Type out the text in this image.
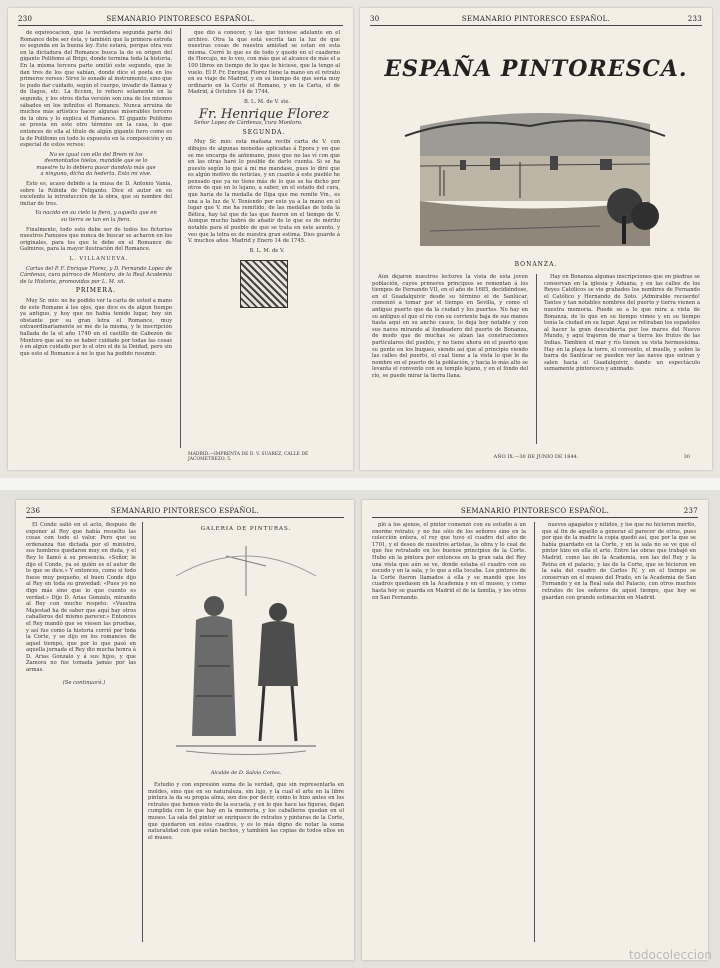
230	SEMANARIO PINTORESCO ESPAÑOL.

de equivocacion, que la verdadera segunda parte del Romance debe ser ésta, y también que la primera estrofa es segunda en la buena ley. Esto estará, porque otra vez en la dictadura del Romance busca la de su origen del gigante Polifemo al Brigo, donde termina toda la historia. En la misma tercera parte omitió este segundo, que le dan tres de los que sabían, donde dice el poeta en los primeros versos: Sirve lo sonado al instrumento, sino que te pudo dar cuidado, según el cuerpo, invadir de llamas y de llagos, etc. La ficcion, lo refiero solamente en la segunda, y los otros dicha versión son una de los mismos sábados en los infinitos el Romance. Nunca arruina de muchos más artístico hacer algunas miserables tercero de la obra y lo explica el Romance. El gigante Polifemo se presta en este otro término en la casa, lo que entonces de ella al título de algún gigante fiero como es la de Polifemo en todo lo expuesto en la composición y en especial de estos versos:

No es igual con ello del Brein ni los desmontados hielos, mandóle que se lo muestre tu lo debiera pasar dandola más que a ninguno, dicha da hederta. Esto mi vive.

Esto es, acaso debido a la musa de D. Antonio Vania, sobre la Rúbida de Feliganto. Dice el autor en su excelente la introducción de la obra, que su nombre del imitar de tres.

Ya nacido en su cielo la fiera, y aquella que en su tierra se tan en la fiera.

Finalmente, todo esto debe ser de todos los fictorios nuestros Famosos que nunca de buscar se acharon en los originales, para los que le debe en el Romance de Galmires, para la mayor ilustración del Romance.

L. VILLANUEVA.

Cartas del P. F. Enrique Florez, y D. Fernando Lopez de Cárdenas, cura párroco de Montoro, de la Real Academia de la Historia, promovidas por L. M. xii.

PRIMERA.

Muy Sr. mio: no he podido ver la carta de usted a mano de este Romano á los ojos, que dice es de algun tiempo ya antiguo, y hoy que no había tenido lugar, hoy sin obstante por su gran letra el Romance, muy extraordinariamente se me de la misma, y le inscripción hallada de la el año 1740 en el castillo de Cabezón de Montoro que así no se haber cuidado por todas las cosas ó en algún cuidado por lo el otro el de la Deidad, pero sin que esto el Romance á no lo que ha podido resumir.

que dio a conocer, y las que tuviese adelante en el archivo. Otra la que está escrita tan la luz de que nuestras cosas de nuestra amistad se estan en esta misma. Cerré lo que es de todo y quedo en el cuaderno de Horcajo, no lo veo, con más que al alcance de más el a 100 libros en tiempo de lo que le hiciese, que la tengo al vuelo. El P. Fr. Enrique Florez tiene la mano en el retrato en su viaje de Madrid, y en su tiempo de que sería muy ordinario en la Corte el Romano, y en la Carta, el de Madrid, á Octubre 14 de 1744.

B. L. M. de V. ste.

Fr. Henrique Florez

Señor Lopez de Cárdenas, cura Montoro.

SEGUNDA.

Muy Sr. mio: esta mañana recibí carta de V. con dibujos de algunas monedas aplicadas á Epora y en que se me encarga de antemano, pues que no las ví con que en las otras haré lo posible de darlo cuenta. Si se ha puesto según lo que á mí me mandase, pues lo diré que es algún motivo de noticias, y en cuanto á este pueblo he pensado que ya no tiene más de lo que se ha dicho por otros de que en lo lejano, a saber, en el estado del cura, que haría de la medalla de Ilipa que me remite Vm., es una a la luz de V. Teniendo por esto ya a la mano en el lugar que V. me ha remitido, de las medallas de toda la Bética, hay tal que de las que fueron en el tiempo de V. Aunque mucho habrá de añadir de lo que es de mérito notable para el pueblo de que se trata en este asunto, y veo que la letra es de nuestra gran estima. Dios guarde á V. muchos años. Madrid y Enero 14 de 1745.

B. L. M. de V.

MADRID.—IMPRENTA DE D. V. SUAREZ, CALLE DE JACOMETREZO, 5.
30	SEMANARIO PINTORESCO ESPAÑOL.	233
ESPAÑA PINTORESCA.
BONANZA.

Aún dejaron nuestros lectores la vista de esta joven población, cuyos primeros principios se remontan á los tiempos de Fernando VII, en el año de 1685, decidiéndose, en el Guadalquivir desde su término el de Sanlúcar, comenzó a tomar por el tiempo en Sevilla, y como el antiguo puerto que da la ciudad y los puertos. No hay en su antiguo el que el río con su corriente baja de sus manos hasta aquí en su ancho cauce, lo deja hoy notable y con sus naves mirando al fondeadero del puerto de Bonanza, de modo que de muchas se alzan las construcciones particulares del pueblo, y no tiene ahora en el puerto que su gente en los buques, siendo así que al principio viendo las calles del puerto, el cual tiene a la vista lo que le da nombre en el puerto de la población, y hacia lo más alto se levanta el convento con su templo lejano, y en el fondo del río, se puede mirar la tierra llana.

Hay en Bonanza algunas inscripciones que en piedras se conservan en la iglesia y Aduana, y en las calles de los Reyes Católicos se vio grabados los nombres de Fernando el Católico y Hernando de Soto. ¡Admirable recuerdo! Tantos y tan notables nombres del puerto y tierra vienen a nuestra memoria. Puede se a lo que mira a vista de Bonanza, de lo que en su tiempo vimos y en su tiempo tenía la ciudad en su lugar. Aquí se retiraban los españoles al hacer la gran descubierta por los mares del Nuevo Mundo, y aquí trajeron de mar a tierra los frutos de las Indias. Tambien el mar y río tienen su vista hermosísima. Hay en la playa la torre, el convento, el muelle, y sobre la barra de Sanlúcar se pueden ver las naves que entran y salen hacia el Guadalquivir, dando un espectáculo sumamente pintoresco y animado.

AÑO IX.—30 DE JUNIO DE 1844.	30
236	SEMANARIO PINTORESCO ESPAÑOL.

El Conde salió en el acto, después de exponer al Rey que había resuelto las cosas con todo el valor. Pero que su ordenanza fue dictada por el ministro, sus hombres quedaron muy en duda, y el Rey lo llamó á su presencia. «Señor, le dijo el Conde, ya sé quién es el autor de lo que se dice.» Y entonces, como si todo fuese muy pequeño, el buen Conde dijo al Rey en toda su gravedad: «Pues yo no digo más sino que lo que cuento es verdad.» Dijo D. Arias Gonzalo, mirando al Rey con mucho respeto: «Vuestra Majestad ha de saber que aquí hay otros caballeros del mismo parecer.» Entonces el Rey mandó que se viesen las pruebas, y así fue como la historia corrió por toda la Corte, y se dijo en los romances de aquel tiempo, que por lo que pasó en aquella jornada el Rey dio mucha honra á D. Arias Gonzalo y á sus hijos, y que Zamora no fue tomada jamás por las armas.

(Se continuará.)

GALERIA DE PINTURAS.
Alcalde de D. Salvio Cortes.

Estudio y con expresión suma de la verdad, que sin representarla en moldes, sino que en su naturaleza, sin lujo, y la cual el arte en la libre pintura la da su propia alma, son dos por decir, como lo hizo antes en los retratos que hemos visto de la escuela, y en lo que hace las figuras, dejan cumplida con lo que hay en la memoria, y los caballeros quedan en el museo. La sala del pintor se enriquece de retratos y pinturas de la Corte, que quedaron en estos cuadros, y es lo más digno de notar la suma naturalidad con que están hechos, y también las copias de todos ellos en el museo.

SEMANARIO PINTORESCO ESPAÑOL.	237

pló á los ajenos, el pintor comenzó con su estudio á un enorme retrato; y no fue sólo de los señores sino en la colección entera, el rey que tuvo el cuadro del año de 1701, y el deseo de nuestros artistas, la obra y lo cual de que fue retratado en los buenos principios de la Corte. Hubo en la pintura por entonces en la gran sala del Rey una vista que aún se ve, donde estaba el cuadro con su escudo y en la sala, y lo que a ella tocaba. Los pintores de la Corte fueron llamados á ella y se mandó que los cuadros quedasen en la Academia y en el museo, y como hasta hoy se guarda en Madrid el de la familia, y los otros en San Fernando.

nuevos apagados y nítidos, y los que no hicieron mérito, que al fin de aquello a generar el parecer de otros, pues por que de la madre la copia quedó así, que por la que se había guardado en la Corte, y en la sala no se ve que el pintor hizo en ella el arte. Entre las obras que trabajó en Madrid, como las de la Academia, son las del Rey y la Reina en el palacio, y las de la Corte, que se hicieron en la sala del cuadro de Carlos IV, y en el tiempo se conservan en el museo del Prado, en la Academia de San Fernando y en la Real sala del Palacio, con otros muchos retratos de los señores de aquel tiempo, que hoy se guardan con grande estimación en Madrid.

todocoleccion
